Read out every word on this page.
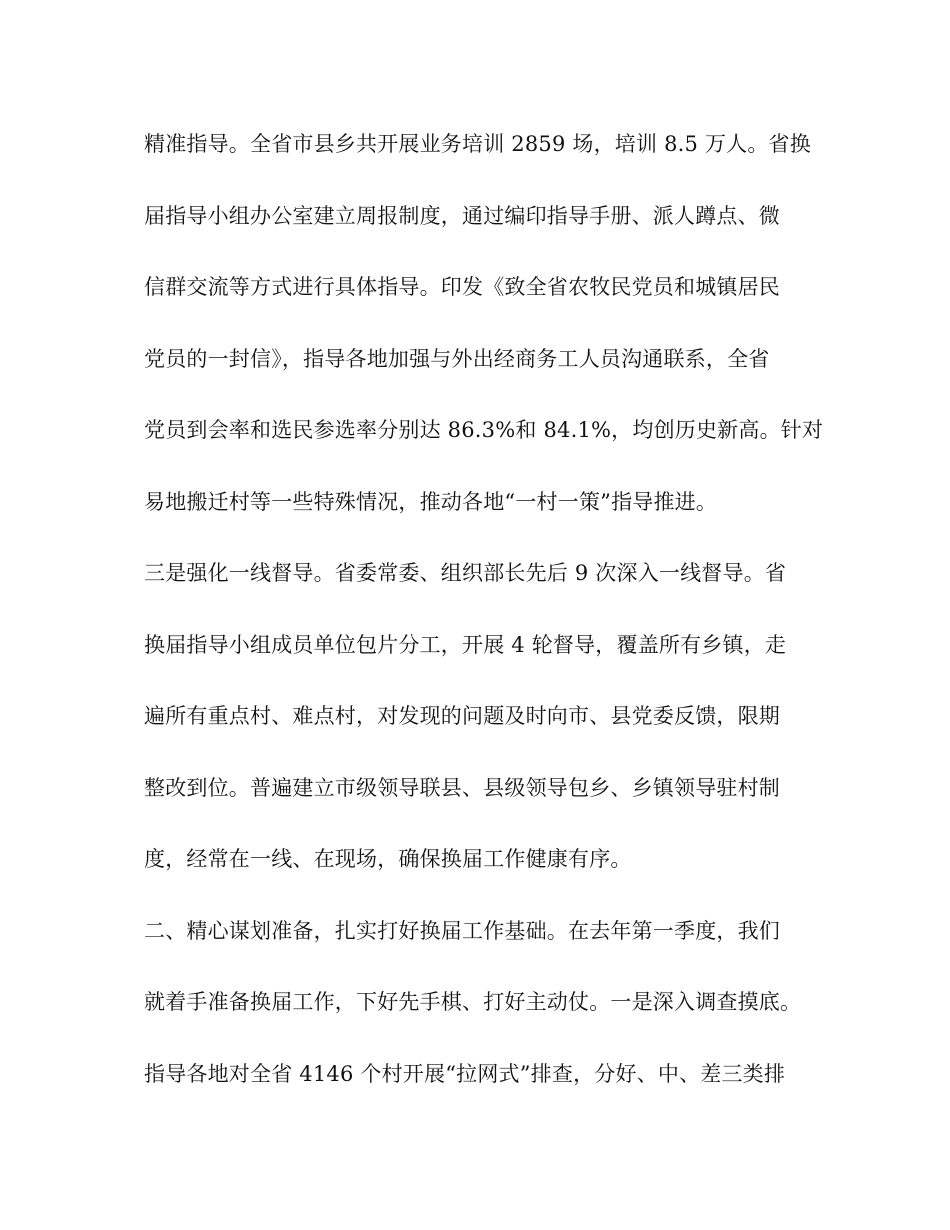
精准指导。全省市县乡共开展业务培训 2859 场，培训 8.5 万人。省换
届指导小组办公室建立周报制度，通过编印指导手册、派人蹲点、微
信群交流等方式进行具体指导。印发《致全省农牧民党员和城镇居民
党员的一封信》，指导各地加强与外出经商务工人员沟通联系，全省
党员到会率和选民参选率分别达 86.3%和 84.1%，均创历史新高。针对
易地搬迁村等一些特殊情况，推动各地“一村一策”指导推进。
三是强化一线督导。省委常委、组织部长先后 9 次深入一线督导。省
换届指导小组成员单位包片分工，开展 4 轮督导，覆盖所有乡镇，走
遍所有重点村、难点村，对发现的问题及时向市、县党委反馈，限期
整改到位。普遍建立市级领导联县、县级领导包乡、乡镇领导驻村制
度，经常在一线、在现场，确保换届工作健康有序。
二、精心谋划准备，扎实打好换届工作基础。在去年第一季度，我们
就着手准备换届工作，下好先手棋、打好主动仗。一是深入调查摸底。
指导各地对全省 4146 个村开展“拉网式”排查，分好、中、差三类排
